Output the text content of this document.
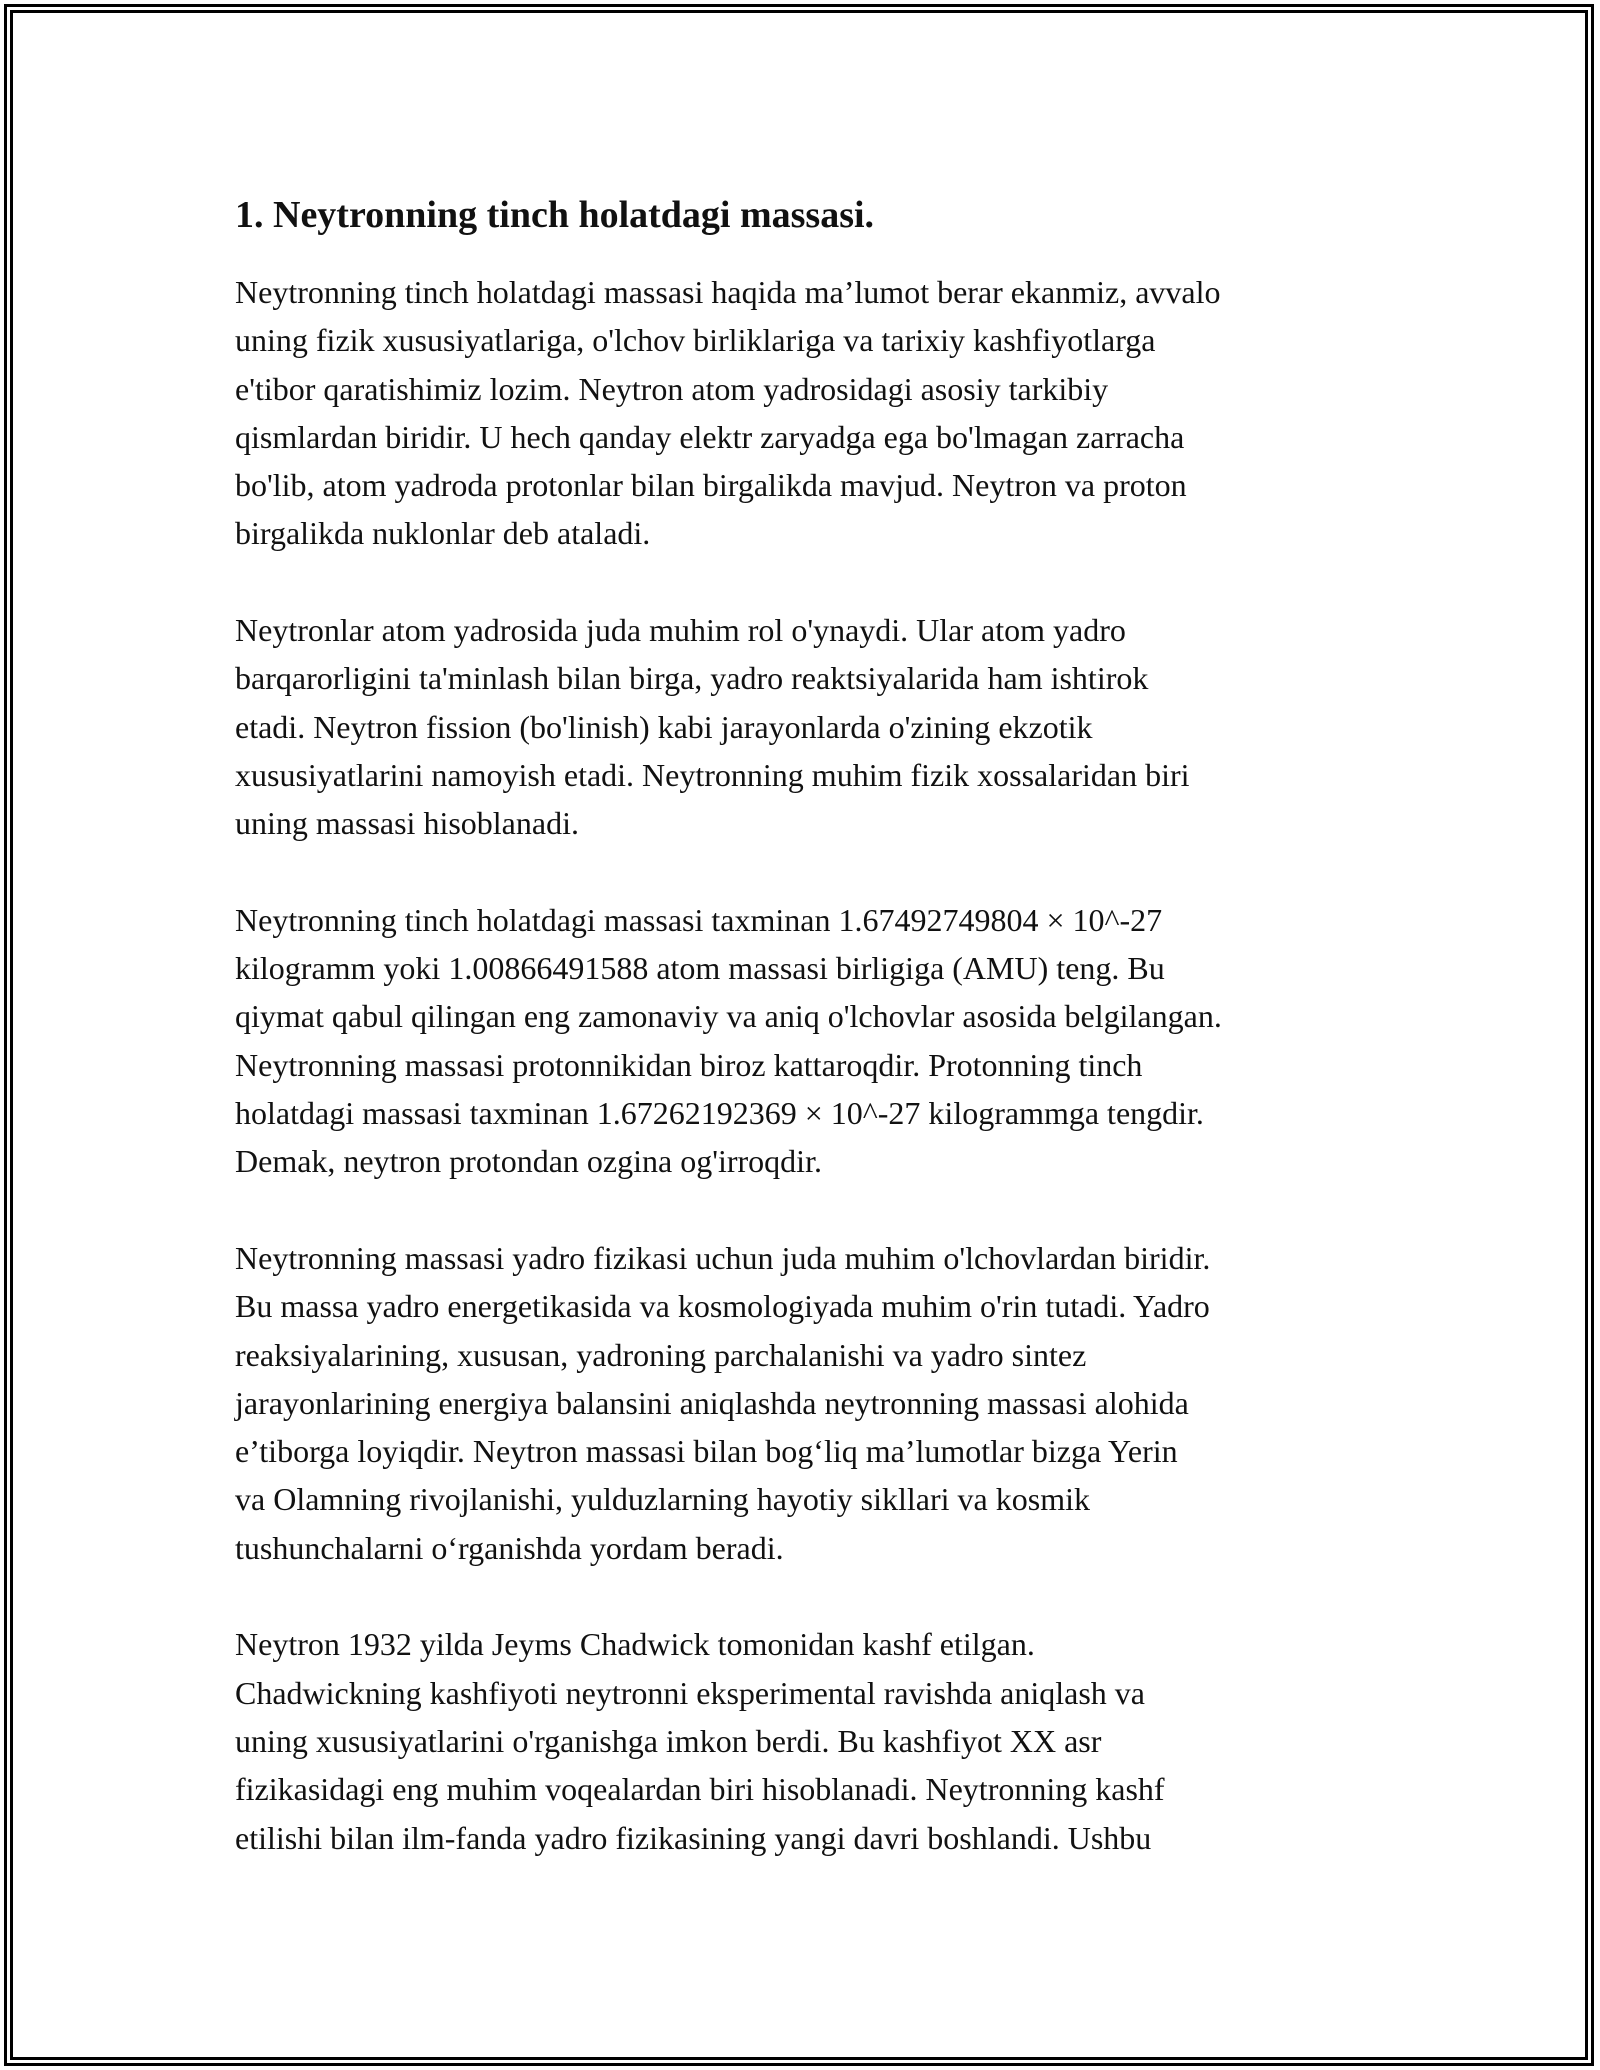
1. Neytronning tinch holatdagi massasi.

Neytronning tinch holatdagi massasi haqida ma’lumot berar ekanmiz, avvalo
uning fizik xususiyatlariga, o'lchov birliklariga va tarixiy kashfiyotlarga
e'tibor qaratishimiz lozim. Neytron atom yadrosidagi asosiy tarkibiy
qismlardan biridir. U hech qanday elektr zaryadga ega bo'lmagan zarracha
bo'lib, atom yadroda protonlar bilan birgalikda mavjud. Neytron va proton
birgalikda nuklonlar deb ataladi.

Neytronlar atom yadrosida juda muhim rol o'ynaydi. Ular atom yadro
barqarorligini ta'minlash bilan birga, yadro reaktsiyalarida ham ishtirok
etadi. Neytron fission (bo'linish) kabi jarayonlarda o'zining ekzotik
xususiyatlarini namoyish etadi. Neytronning muhim fizik xossalaridan biri
uning massasi hisoblanadi.

Neytronning tinch holatdagi massasi taxminan 1.67492749804 × 10^-27
kilogramm yoki 1.00866491588 atom massasi birligiga (AMU) teng. Bu
qiymat qabul qilingan eng zamonaviy va aniq o'lchovlar asosida belgilangan.
Neytronning massasi protonnikidan biroz kattaroqdir. Protonning tinch
holatdagi massasi taxminan 1.67262192369 × 10^-27 kilogrammga tengdir.
Demak, neytron protondan ozgina og'irroqdir.

Neytronning massasi yadro fizikasi uchun juda muhim o'lchovlardan biridir.
Bu massa yadro energetikasida va kosmologiyada muhim o'rin tutadi. Yadro
reaksiyalarining, xususan, yadroning parchalanishi va yadro sintez
jarayonlarining energiya balansini aniqlashda neytronning massasi alohida
e’tiborga loyiqdir. Neytron massasi bilan bog‘liq ma’lumotlar bizga Yerin
va Olamning rivojlanishi, yulduzlarning hayotiy sikllari va kosmik
tushunchalarni o‘rganishda yordam beradi.

Neytron 1932 yilda Jeyms Chadwick tomonidan kashf etilgan.
Chadwickning kashfiyoti neytronni eksperimental ravishda aniqlash va
uning xususiyatlarini o'rganishga imkon berdi. Bu kashfiyot XX asr
fizikasidagi eng muhim voqealardan biri hisoblanadi. Neytronning kashf
etilishi bilan ilm-fanda yadro fizikasining yangi davri boshlandi. Ushbu
